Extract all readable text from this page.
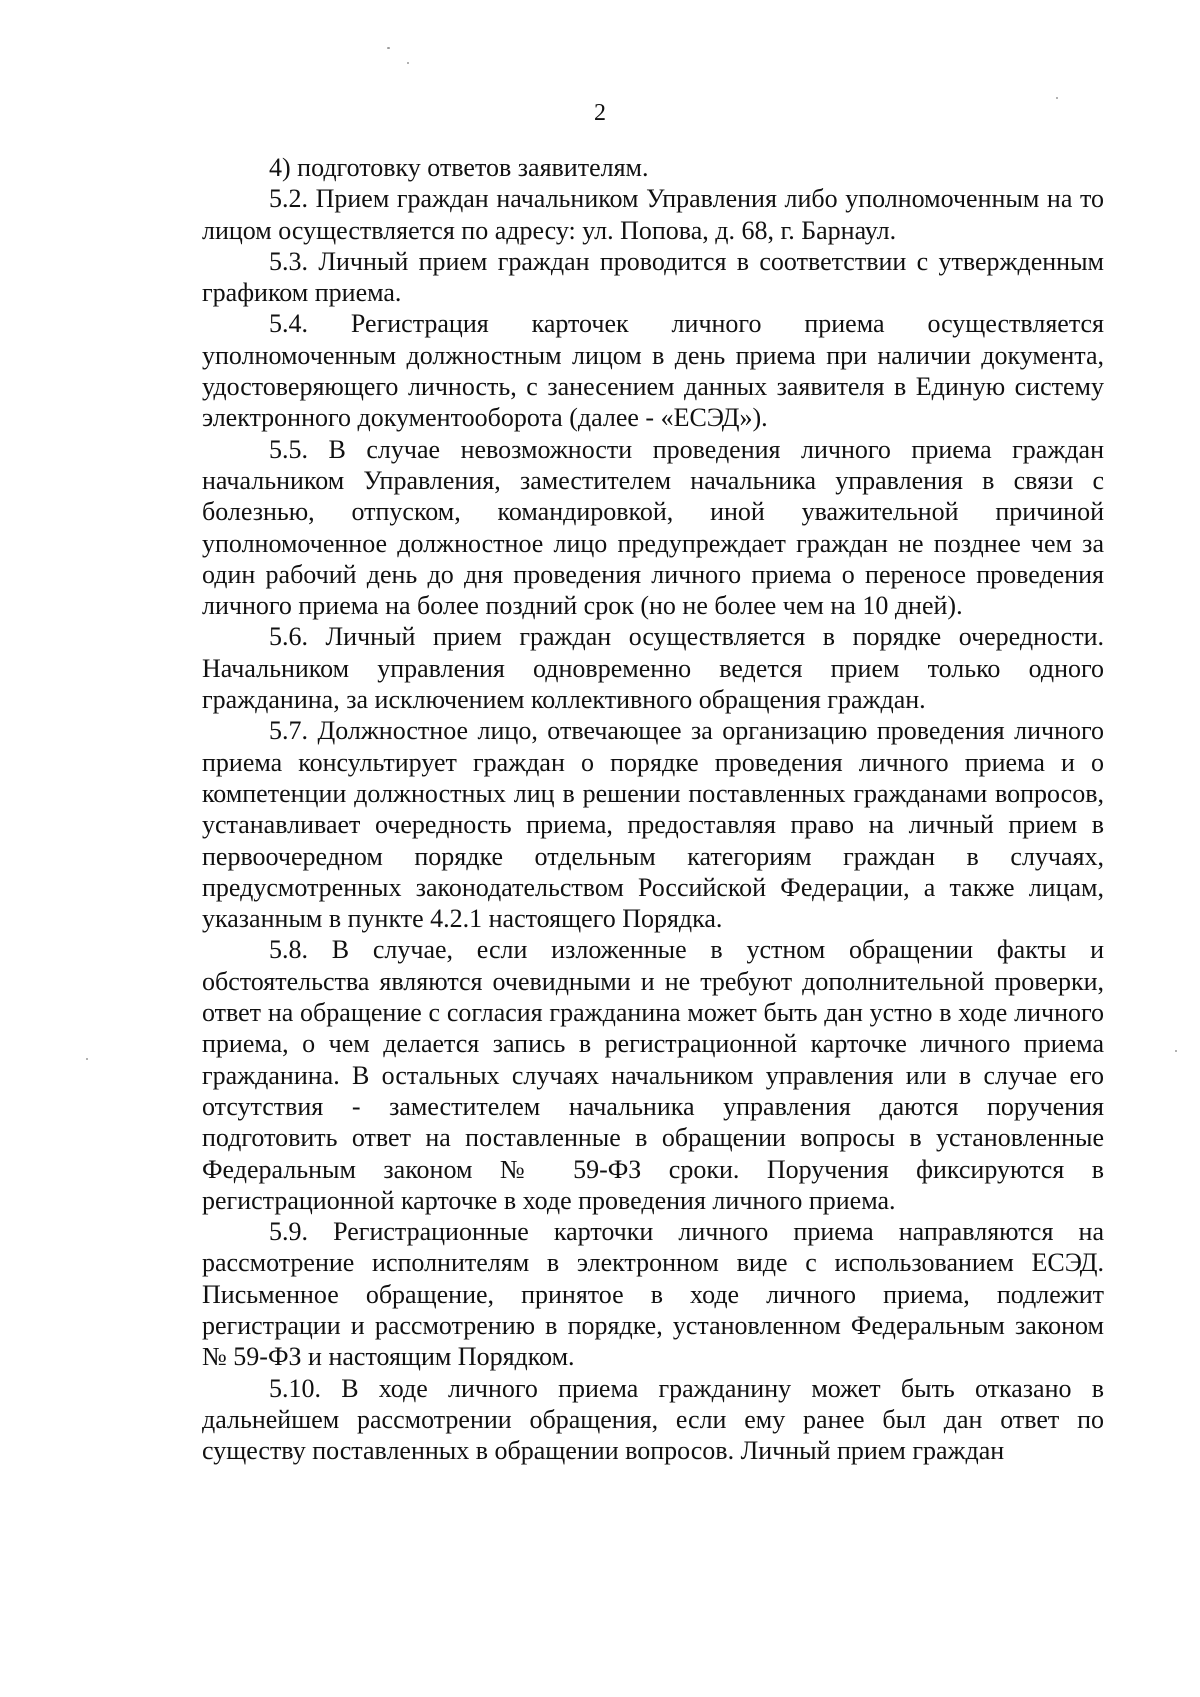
2

4) подготовку ответов заявителям.

5.2. Прием граждан начальником Управления либо уполномоченным на то лицом осуществляется по адресу: ул. Попова, д. 68, г. Барнаул.

5.3. Личный прием граждан проводится в соответствии с утвержденным графиком приема.

5.4. Регистрация карточек личного приема осуществляется уполномоченным должностным лицом в день приема при наличии документа, удостоверяющего личность, с занесением данных заявителя в Единую систему электронного документооборота (далее - «ЕСЭД»).

5.5. В случае невозможности проведения личного приема граждан начальником Управления, заместителем начальника управления в связи с болезнью, отпуском, командировкой, иной уважительной причиной уполномоченное должностное лицо предупреждает граждан не позднее чем за один рабочий день до дня проведения личного приема о переносе проведения личного приема на более поздний срок (но не более чем на 10 дней).

5.6. Личный прием граждан осуществляется в порядке очередности. Начальником управления одновременно ведется прием только одного гражданина, за исключением коллективного обращения граждан.

5.7. Должностное лицо, отвечающее за организацию проведения личного приема консультирует граждан о порядке проведения личного приема и о компетенции должностных лиц в решении поставленных гражданами вопросов, устанавливает очередность приема, предоставляя право на личный прием в первоочередном порядке отдельным категориям граждан в случаях, предусмотренных законодательством Российской Федерации, а также лицам, указанным в пункте 4.2.1 настоящего Порядка.

5.8. В случае, если изложенные в устном обращении факты и обстоятельства являются очевидными и не требуют дополнительной проверки, ответ на обращение с согласия гражданина может быть дан устно в ходе личного приема, о чем делается запись в регистрационной карточке личного приема гражданина. В остальных случаях начальником управления или в случае его отсутствия - заместителем начальника управления даются поручения подготовить ответ на поставленные в обращении вопросы в установленные Федеральным законом № 59-ФЗ сроки. Поручения фиксируются в регистрационной карточке в ходе проведения личного приема.

5.9. Регистрационные карточки личного приема направляются на рассмотрение исполнителям в электронном виде с использованием ЕСЭД. Письменное обращение, принятое в ходе личного приема, подлежит регистрации и рассмотрению в порядке, установленном Федеральным законом № 59-ФЗ и настоящим Порядком.

5.10. В ходе личного приема гражданину может быть отказано в дальнейшем рассмотрении обращения, если ему ранее был дан ответ по существу поставленных в обращении вопросов. Личный прием граждан
